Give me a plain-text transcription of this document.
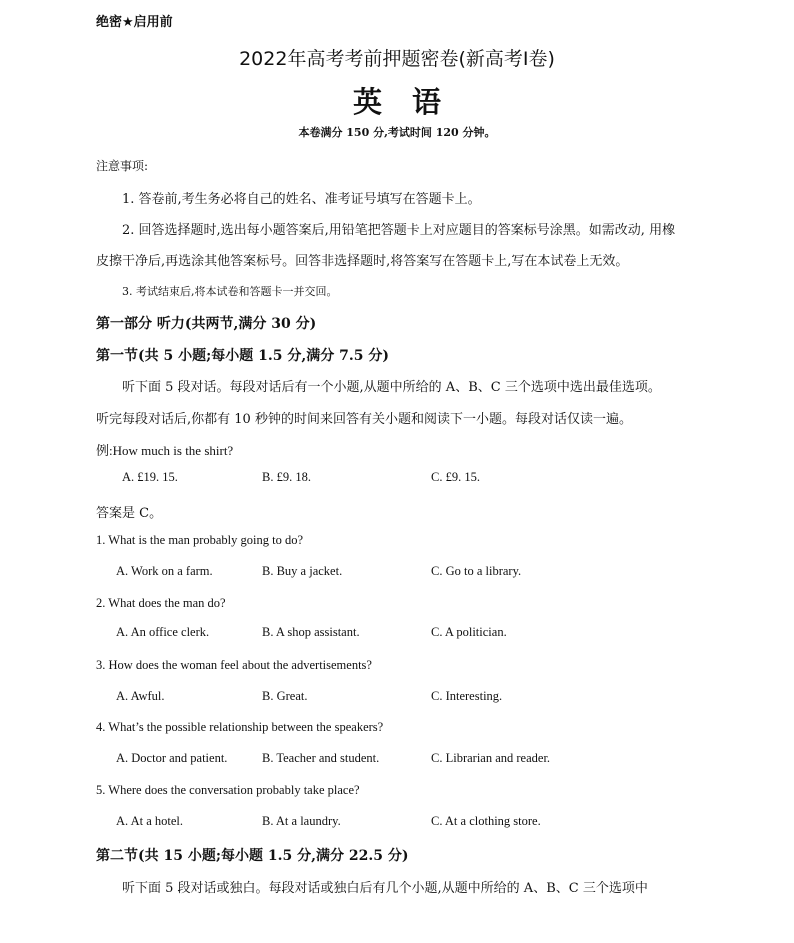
绝密★启用前
2022年高考考前押题密卷(新高考I卷)
英语
本卷满分 150 分,考试时间 120 分钟。
注意事项:
1. 答卷前,考生务必将自己的姓名、准考证号填写在答题卡上。
2. 回答选择题时,选出每小题答案后,用铅笔把答题卡上对应题目的答案标号涂黑。如需改动, 用橡
皮擦干净后,再选涂其他答案标号。回答非选择题时,将答案写在答题卡上,写在本试卷上无效。
3. 考试结束后,将本试卷和答题卡一并交回。
第一部分 听力(共两节,满分 30 分)
第一节(共 5 小题;每小题 1.5 分,满分 7.5 分)
听下面 5 段对话。每段对话后有一个小题,从题中所给的 A、B、C 三个选项中选出最佳选项。
听完每段对话后,你都有 10 秒钟的时间来回答有关小题和阅读下一小题。每段对话仅读一遍。
例:How much is the shirt?
A. £19. 15.	B. £9. 18.	C. £9. 15.
答案是 C。
1. What is the man probably going to do?
A. Work on a farm.	B. Buy a jacket.	C. Go to a library.
2. What does the man do?
A. An office clerk.	B. A shop assistant.	C. A politician.
3. How does the woman feel about the advertisements?
A. Awful.	B. Great.	C. Interesting.
4. What’s the possible relationship between the speakers?
A. Doctor and patient.	B. Teacher and student.	C. Librarian and reader.
5. Where does the conversation probably take place?
A. At a hotel.	B. At a laundry.	C. At a clothing store.
第二节(共 15 小题;每小题 1.5 分,满分 22.5 分)
听下面 5 段对话或独白。每段对话或独白后有几个小题,从题中所给的 A、B、C 三个选项中
